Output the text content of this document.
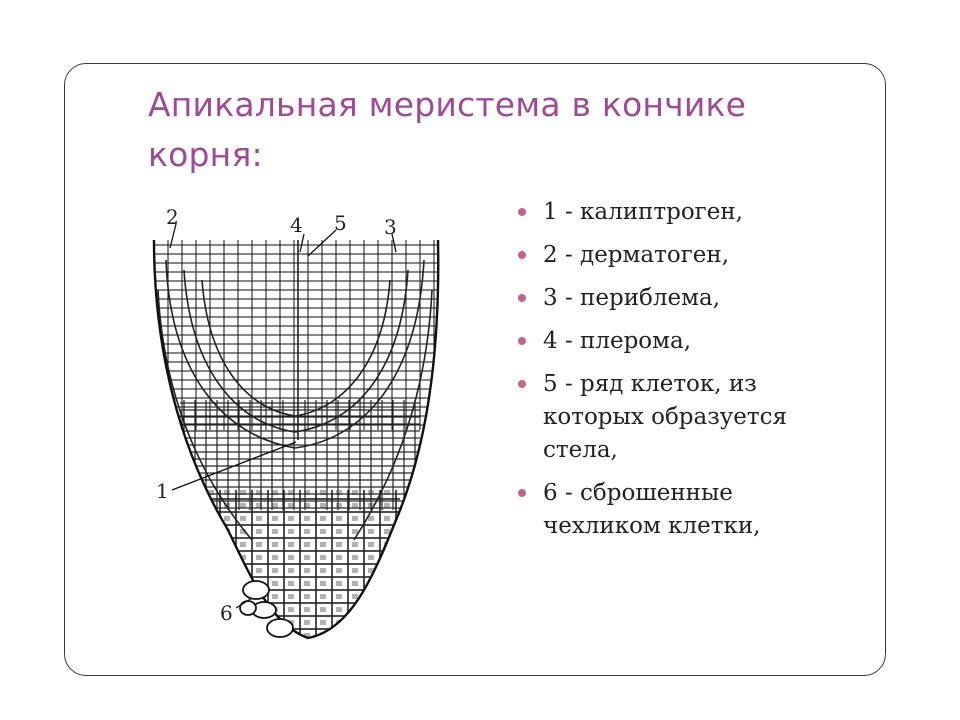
Апикальная меристема в кончике корня:
2	4 5 3
1
6
1 - калиптроген,
2 - дерматоген,
3 - периблема,
4 - плерома,
5 - ряд клеток, из которых образуется стела,
6 - сброшенные чехликом клетки,
